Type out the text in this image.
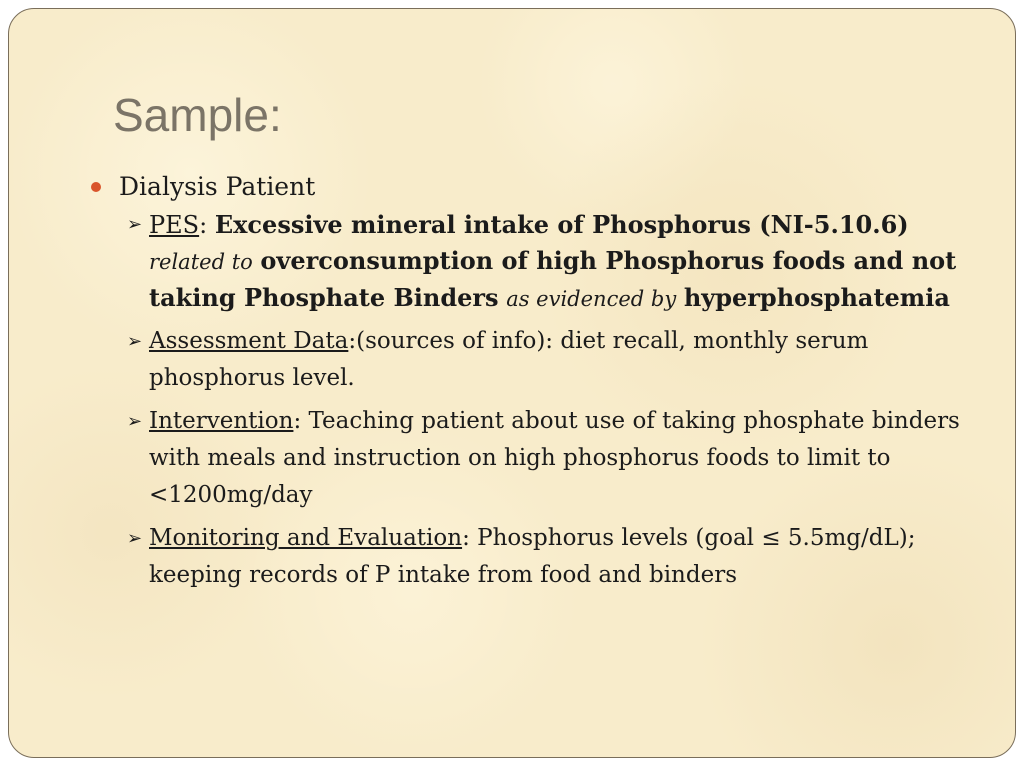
Sample:
Dialysis Patient
➢ PES: Excessive mineral intake of Phosphorus (NI-5.10.6) related to overconsumption of high Phosphorus foods and not taking Phosphate Binders as evidenced by hyperphosphatemia
➢ Assessment Data:(sources of info): diet recall, monthly serum phosphorus level.
➢ Intervention: Teaching patient about use of taking phosphate binders with meals and instruction on high phosphorus foods to limit to <1200mg/day
➢ Monitoring and Evaluation: Phosphorus levels (goal ≤ 5.5mg/dL); keeping records of P intake from food and binders
